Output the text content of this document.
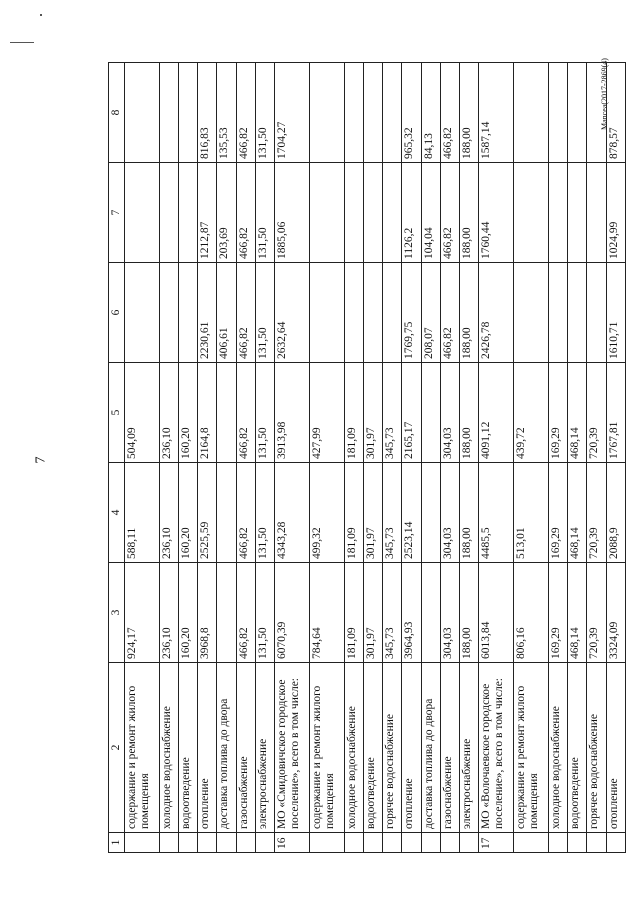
7
Mancea(2017-2869(4)
1	2	3	4	5	6	7	8
	содержание и ремонт жилого помещения	924,17	588,11	504,09			
	холодное водоснабжение	236,10	236,10	236,10			
	водоотведение	160,20	160,20	160,20			
	отопление	3968,8	2525,59	2164,8	2230,61	1212,87	816,83
	доставка топлива до двора				406,61	203,69	135,53
	газоснабжение	466,82	466,82	466,82	466,82	466,82	466,82
	электроснабжение	131,50	131,50	131,50	131,50	131,50	131,50
16	МО «Смидовичское городское поселение», всего в том числе:	6070,39	4343,28	3913,98	2632,64	1885,06	1704,27
	содержание и ремонт жилого помещения	784,64	499,32	427,99			
	холодное водоснабжение	181,09	181,09	181,09			
	водоотведение	301,97	301,97	301,97			
	горячее водоснабжение	345,73	345,73	345,73			
	отопление	3964,93	2523,14	2165,17	1769,75	1126,2	965,32
	доставка топлива до двора				208,07	104,04	84,13
	газоснабжение	304,03	304,03	304,03	466,82	466,82	466,82
	электроснабжение	188,00	188,00	188,00	188,00	188,00	188,00
17	МО «Волочаевское городское поселение», всего в том числе:	6013,84	4485,5	4091,12	2426,78	1760,44	1587,14
	содержание и ремонт жилого помещения	806,16	513,01	439,72			
	холодное водоснабжение	169,29	169,29	169,29			
	водоотведение	468,14	468,14	468,14			
	горячее водоснабжение	720,39	720,39	720,39			
	отопление	3324,09	2088,9	1767,81	1610,71	1024,99	878,57
